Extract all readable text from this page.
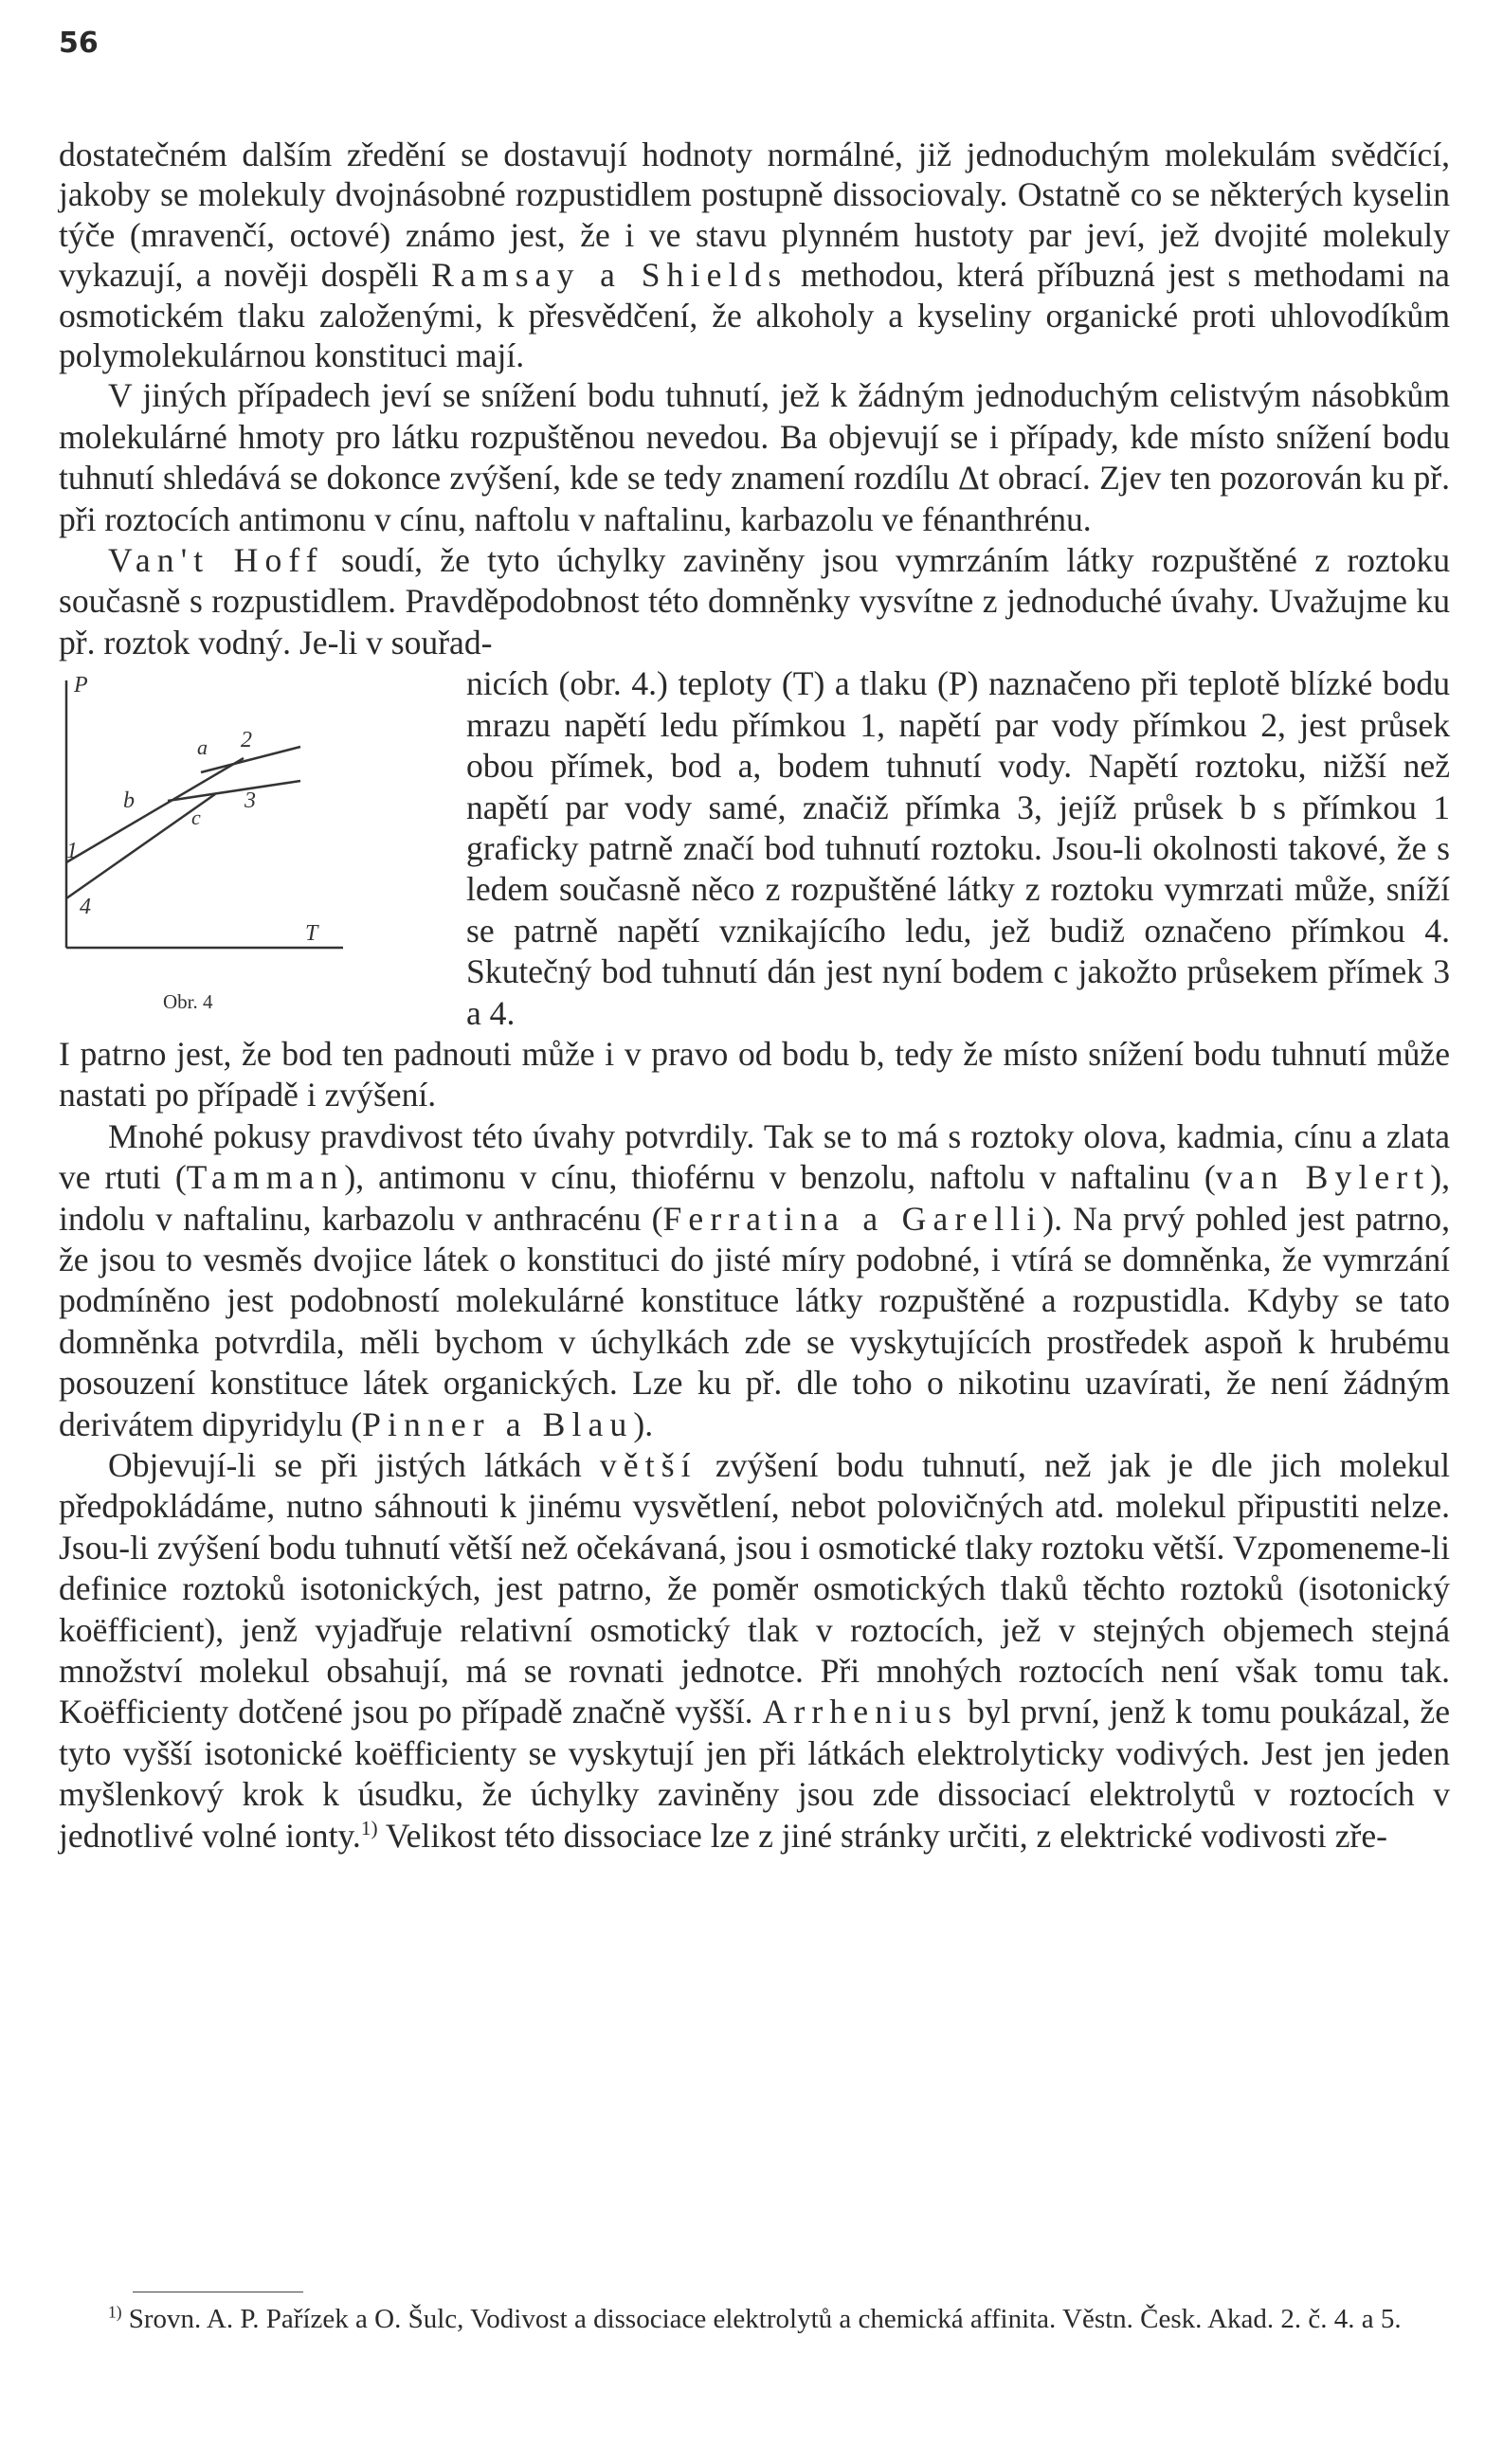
56

dostatečném dalším zředění se dostavují hodnoty normálné, již jednoduchým molekulám svědčící, jakoby se molekuly dvojnásobné rozpustidlem postupně dissociovaly. Ostatně co se některých kyselin týče (mravenčí, octové) známo jest, že i ve stavu plynném hustoty par jeví, jež dvojité molekuly vykazují, a nověji dospěli Ramsay a Shields methodou, která příbuzná jest s methodami na osmotickém tlaku založenými, k přesvědčení, že alkoholy a kyseliny organické proti uhlovodíkům polymolekulárnou konstituci mají.

V jiných případech jeví se snížení bodu tuhnutí, jež k žádným jednoduchým celistvým násobkům molekulárné hmoty pro látku rozpuštěnou nevedou. Ba objevují se i případy, kde místo snížení bodu tuhnutí shledává se dokonce zvýšení, kde se tedy znamení rozdílu Δt obrací. Zjev ten pozorován ku př. při roztocích antimonu v cínu, naftolu v naftalinu, karbazolu ve fénanthrénu.

Van't Hoff soudí, že tyto úchylky zaviněny jsou vymrzáním látky rozpuštěné z roztoku současně s rozpustidlem. Pravděpodobnost této domněnky vysvítne z jednoduché úvahy. Uvažujme ku př. roztok vodný. Je-li v souřad-

P
T
a
b
c
1
2
3
4
Obr. 4

nicích (obr. 4.) teploty (T) a tlaku (P) naznačeno při teplotě blízké bodu mrazu napětí ledu přímkou 1, napětí par vody přímkou 2, jest průsek obou přímek, bod a, bodem tuhnutí vody. Napětí roztoku, nižší než napětí par vody samé, značiž přímka 3, jejíž průsek b s přímkou 1 graficky patrně značí bod tuhnutí roztoku. Jsou-li okolnosti takové, že s ledem současně něco z rozpuštěné látky z roztoku vymrzati může, sníží se patrně napětí vznikajícího ledu, jež budiž označeno přímkou 4. Skutečný bod tuhnutí dán jest nyní bodem c jakožto průsekem přímek 3 a 4.

I patrno jest, že bod ten padnouti může i v pravo od bodu b, tedy že místo snížení bodu tuhnutí může nastati po případě i zvýšení.

Mnohé pokusy pravdivost této úvahy potvrdily. Tak se to má s roztoky olova, kadmia, cínu a zlata ve rtuti (Tamman), antimonu v cínu, thioférnu v benzolu, naftolu v naftalinu (van Bylert), indolu v naftalinu, karbazolu v anthracénu (Ferratina a Garelli). Na prvý pohled jest patrno, že jsou to vesměs dvojice látek o konstituci do jisté míry podobné, i vtírá se domněnka, že vymrzání podmíněno jest podobností molekulárné konstituce látky rozpuštěné a rozpustidla. Kdyby se tato domněnka potvrdila, měli bychom v úchylkách zde se vyskytujících prostředek aspoň k hrubému posouzení konstituce látek organických. Lze ku př. dle toho o nikotinu uzavírati, že není žádným derivátem dipyridylu (Pinner a Blau).

Objevují-li se při jistých látkách větší zvýšení bodu tuhnutí, než jak je dle jich molekul předpokládáme, nutno sáhnouti k jinému vysvětlení, nebot polovičných atd. molekul připustiti nelze. Jsou-li zvýšení bodu tuhnutí větší než očekávaná, jsou i osmotické tlaky roztoku větší. Vzpomeneme-li definice roztoků isotonických, jest patrno, že poměr osmotických tlaků těchto roztoků (isotonický koëfficient), jenž vyjadřuje relativní osmotický tlak v roztocích, jež v stejných objemech stejná množství molekul obsahují, má se rovnati jednotce. Při mnohých roztocích není však tomu tak. Koëfficienty dotčené jsou po případě značně vyšší. Arrhenius byl první, jenž k tomu poukázal, že tyto vyšší isotonické koëfficienty se vyskytují jen při látkách elektrolyticky vodivých. Jest jen jeden myšlenkový krok k úsudku, že úchylky zaviněny jsou zde dissociací elektrolytů v roztocích v jednotlivé volné ionty.$^{1)}$ Velikost této dissociace lze z jiné stránky určiti, z elektrické vodivosti zře-

$^{1)}$ Srovn. A. P. Pařízek a O. Šulc, Vodivost a dissociace elektrolytů a chemická affinita. Věstn. Česk. Akad. 2. č. 4. a 5.
